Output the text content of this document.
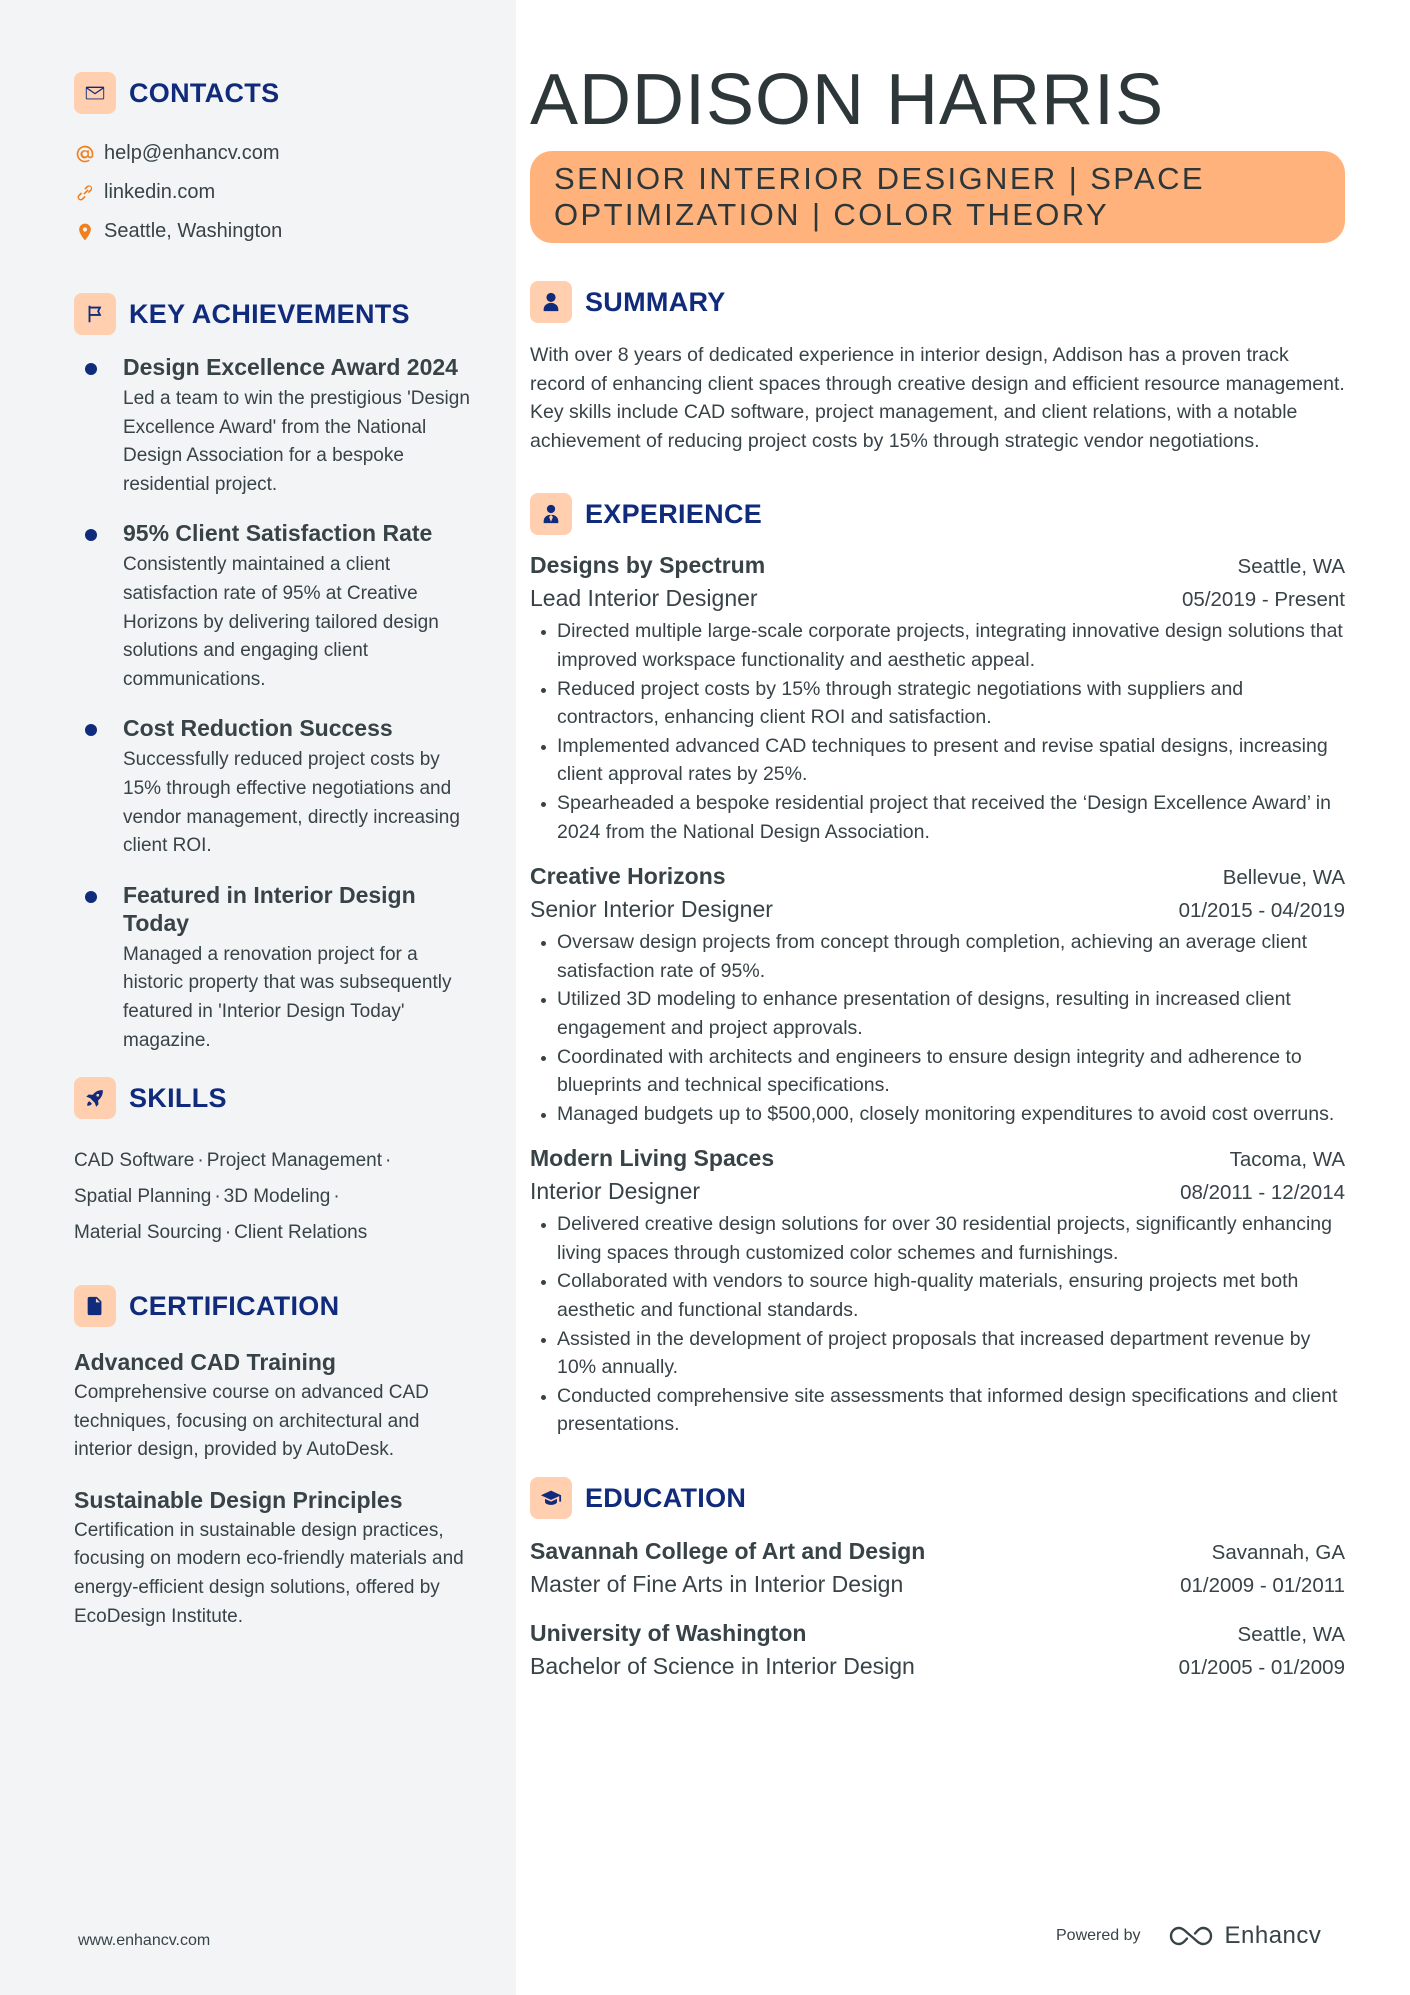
CONTACTS
help@enhancv.com
linkedin.com
Seattle, Washington
KEY ACHIEVEMENTS
Design Excellence Award 2024
Led a team to win the prestigious 'Design Excellence Award' from the National Design Association for a bespoke residential project.
95% Client Satisfaction Rate
Consistently maintained a client satisfaction rate of 95% at Creative Horizons by delivering tailored design solutions and engaging client communications.
Cost Reduction Success
Successfully reduced project costs by 15% through effective negotiations and vendor management, directly increasing client ROI.
Featured in Interior Design Today
Managed a renovation project for a historic property that was subsequently featured in 'Interior Design Today' magazine.
SKILLS
CAD Software · Project Management ·
Spatial Planning · 3D Modeling ·
Material Sourcing · Client Relations
CERTIFICATION
Advanced CAD Training
Comprehensive course on advanced CAD techniques, focusing on architectural and interior design, provided by AutoDesk.
Sustainable Design Principles
Certification in sustainable design practices, focusing on modern eco-friendly materials and energy-efficient design solutions, offered by EcoDesign Institute.
ADDISON HARRIS
SENIOR INTERIOR DESIGNER | SPACE OPTIMIZATION | COLOR THEORY
SUMMARY
With over 8 years of dedicated experience in interior design, Addison has a proven track record of enhancing client spaces through creative design and efficient resource management. Key skills include CAD software, project management, and client relations, with a notable achievement of reducing project costs by 15% through strategic vendor negotiations.
EXPERIENCE
Designs by Spectrum	Seattle, WA
Lead Interior Designer	05/2019 - Present
Directed multiple large-scale corporate projects, integrating innovative design solutions that improved workspace functionality and aesthetic appeal.
Reduced project costs by 15% through strategic negotiations with suppliers and contractors, enhancing client ROI and satisfaction.
Implemented advanced CAD techniques to present and revise spatial designs, increasing client approval rates by 25%.
Spearheaded a bespoke residential project that received the ‘Design Excellence Award’ in 2024 from the National Design Association.
Creative Horizons	Bellevue, WA
Senior Interior Designer	01/2015 - 04/2019
Oversaw design projects from concept through completion, achieving an average client satisfaction rate of 95%.
Utilized 3D modeling to enhance presentation of designs, resulting in increased client engagement and project approvals.
Coordinated with architects and engineers to ensure design integrity and adherence to blueprints and technical specifications.
Managed budgets up to $500,000, closely monitoring expenditures to avoid cost overruns.
Modern Living Spaces	Tacoma, WA
Interior Designer	08/2011 - 12/2014
Delivered creative design solutions for over 30 residential projects, significantly enhancing living spaces through customized color schemes and furnishings.
Collaborated with vendors to source high-quality materials, ensuring projects met both aesthetic and functional standards.
Assisted in the development of project proposals that increased department revenue by 10% annually.
Conducted comprehensive site assessments that informed design specifications and client presentations.
EDUCATION
Savannah College of Art and Design	Savannah, GA
Master of Fine Arts in Interior Design	01/2009 - 01/2011
University of Washington	Seattle, WA
Bachelor of Science in Interior Design	01/2005 - 01/2009
www.enhancv.com	Powered by	Enhancv
